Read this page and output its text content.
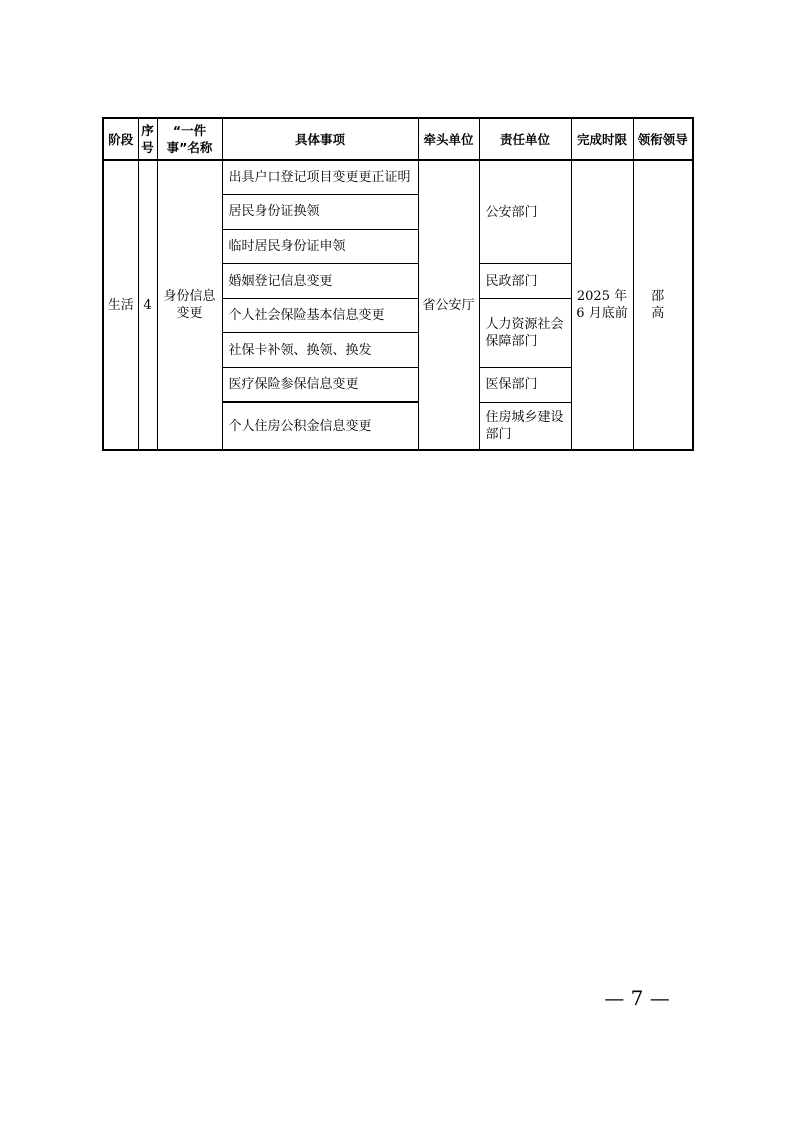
阶段	序号	“一件事”名称	具体事项	牵头单位	责任单位	完成时限	领衔领导
生活	4	身份信息变更	出具户口登记项目变更更正证明	省公安厅	公安部门	2025 年 6 月底前	邵 高
			居民身份证换领				
			临时居民身份证申领				
			婚姻登记信息变更		民政部门		
			个人社会保险基本信息变更		人力资源社会保障部门		
			社保卡补领、换领、换发				
			医疗保险参保信息变更		医保部门		
			个人住房公积金信息变更		住房城乡建设部门		
— 7 —
